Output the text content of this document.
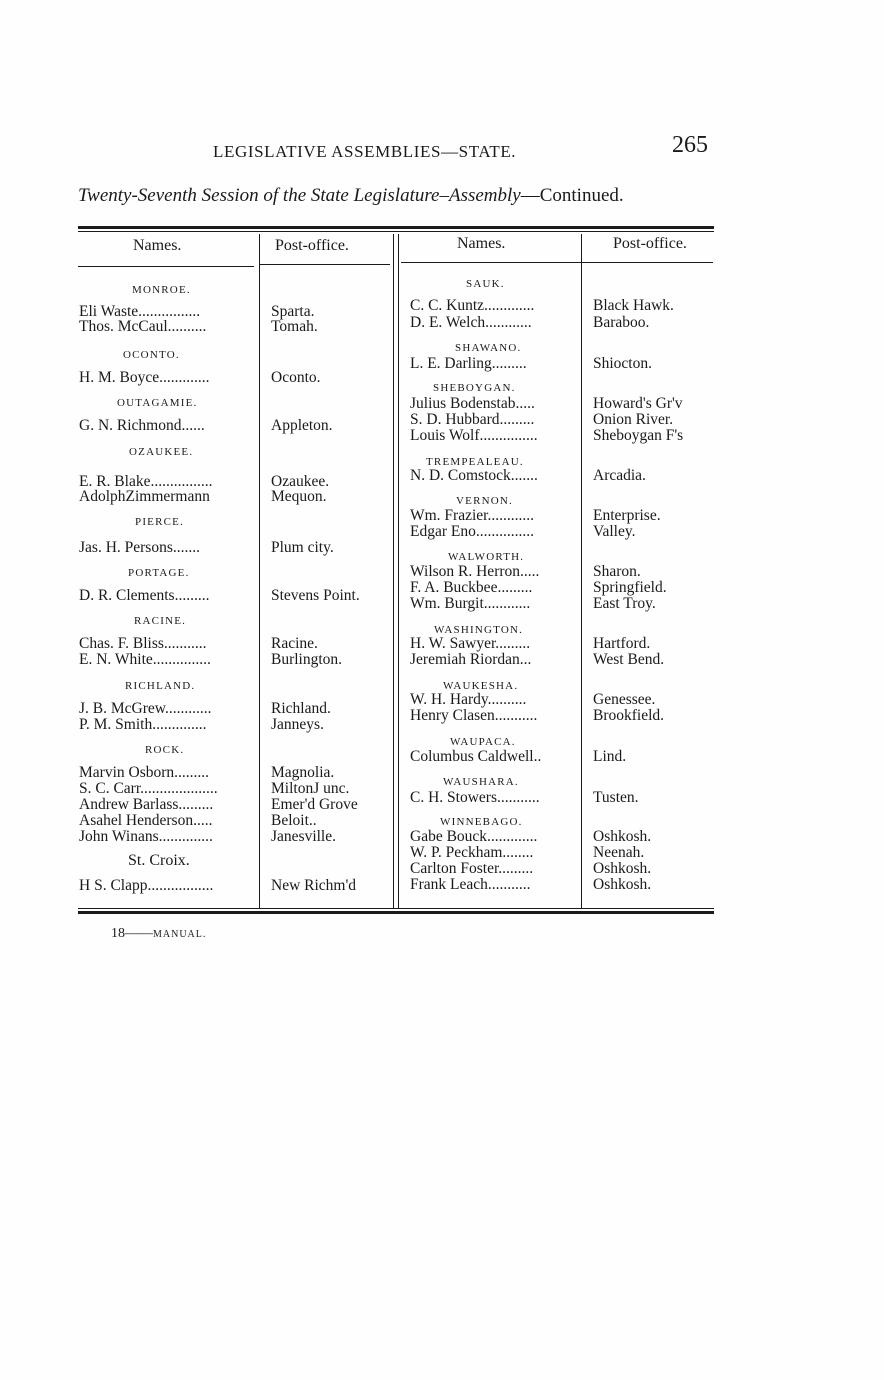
LEGISLATIVE ASSEMBLIES—STATE.	265
Twenty-Seventh Session of the State Legislature–Assembly—Continued.
Names.	Post-office.	Names.	Post-office.
MONROE.
Eli Waste................	Sparta.
Thos. McCaul..........	Tomah.
OCONTO.
H. M. Boyce.............	Oconto.
OUTAGAMIE.
G. N. Richmond......	Appleton.
OZAUKEE.
E. R. Blake................	Ozaukee.
AdolphZimmermann	Mequon.
PIERCE.
Jas. H. Persons.......	Plum city.
PORTAGE.
D. R. Clements.........	Stevens Point.
RACINE.
Chas. F. Bliss...........	Racine.
E. N. White...............	Burlington.
RICHLAND.
J. B. McGrew............	Richland.
P. M. Smith..............	Janneys.
ROCK.
Marvin Osborn.........	Magnolia.
S. C. Carr....................	MiltonJ unc.
Andrew Barlass.........	Emer'd Grove
Asahel Henderson.....	Beloit..
John Winans..............	Janesville.
St. Croix.
H S. Clapp.................	New Richm'd
SAUK.
C. C. Kuntz.............	Black Hawk.
D. E. Welch............	Baraboo.
SHAWANO.
L. E. Darling.........	Shiocton.
SHEBOYGAN.
Julius Bodenstab.....	Howard's Gr'v
S. D. Hubbard.........	Onion River.
Louis Wolf...............	Sheboygan F's
TREMPEALEAU.
N. D. Comstock.......	Arcadia.
VERNON.
Wm. Frazier............	Enterprise.
Edgar Eno...............	Valley.
WALWORTH.
Wilson R. Herron.....	Sharon.
F. A. Buckbee.........	Springfield.
Wm. Burgit............	East Troy.
WASHINGTON.
H. W. Sawyer.........	Hartford.
Jeremiah Riordan...	West Bend.
WAUKESHA.
W. H. Hardy..........	Genessee.
Henry Clasen...........	Brookfield.
WAUPACA.
Columbus Caldwell..	Lind.
WAUSHARA.
C. H. Stowers...........	Tusten.
WINNEBAGO.
Gabe Bouck.............	Oshkosh.
W. P. Peckham........	Neenah.
Carlton Foster.........	Oshkosh.
Frank Leach...........	Oshkosh.
18——MANUAL.
